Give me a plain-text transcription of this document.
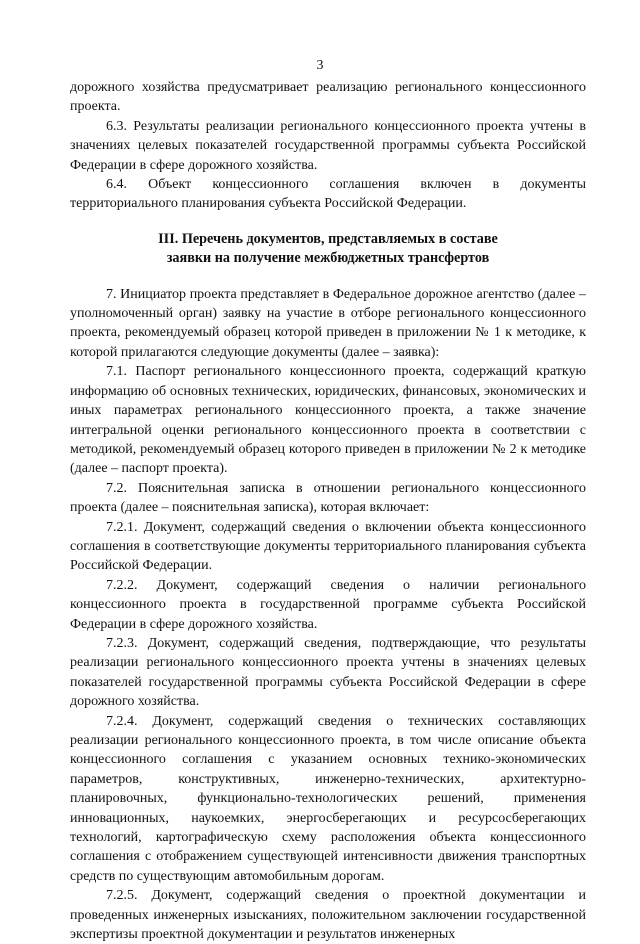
3

дорожного хозяйства предусматривает реализацию регионального концессионного проекта.

6.3. Результаты реализации регионального концессионного проекта учтены в значениях целевых показателей государственной программы субъекта Российской Федерации в сфере дорожного хозяйства.

6.4. Объект концессионного соглашения включен в документы территориального планирования субъекта Российской Федерации.

III. Перечень документов, представляемых в составе
заявки на получение межбюджетных трансфертов

7. Инициатор проекта представляет в Федеральное дорожное агентство (далее – уполномоченный орган) заявку на участие в отборе регионального концессионного проекта, рекомендуемый образец которой приведен в приложении № 1 к методике, к которой прилагаются следующие документы (далее – заявка):

7.1. Паспорт регионального концессионного проекта, содержащий краткую информацию об основных технических, юридических, финансовых, экономических и иных параметрах регионального концессионного проекта, а также значение интегральной оценки регионального концессионного проекта в соответствии с методикой, рекомендуемый образец которого приведен в приложении № 2 к методике (далее – паспорт проекта).

7.2. Пояснительная записка в отношении регионального концессионного проекта (далее – пояснительная записка), которая включает:

7.2.1. Документ, содержащий сведения о включении объекта концессионного соглашения в соответствующие документы территориального планирования субъекта Российской Федерации.

7.2.2. Документ, содержащий сведения о наличии регионального концессионного проекта в государственной программе субъекта Российской Федерации в сфере дорожного хозяйства.

7.2.3. Документ, содержащий сведения, подтверждающие, что результаты реализации регионального концессионного проекта учтены в значениях целевых показателей государственной программы субъекта Российской Федерации в сфере дорожного хозяйства.

7.2.4. Документ, содержащий сведения о технических составляющих реализации регионального концессионного проекта, в том числе описание объекта концессионного соглашения с указанием основных технико-экономических параметров, конструктивных, инженерно-технических, архитектурно-планировочных, функционально-технологических решений, применения инновационных, наукоемких, энергосберегающих и ресурсосберегающих технологий, картографическую схему расположения объекта концессионного соглашения с отображением существующей интенсивности движения транспортных средств по существующим автомобильным дорогам.

7.2.5. Документ, содержащий сведения о проектной документации и проведенных инженерных изысканиях, положительном заключении государственной экспертизы проектной документации и результатов инженерных
